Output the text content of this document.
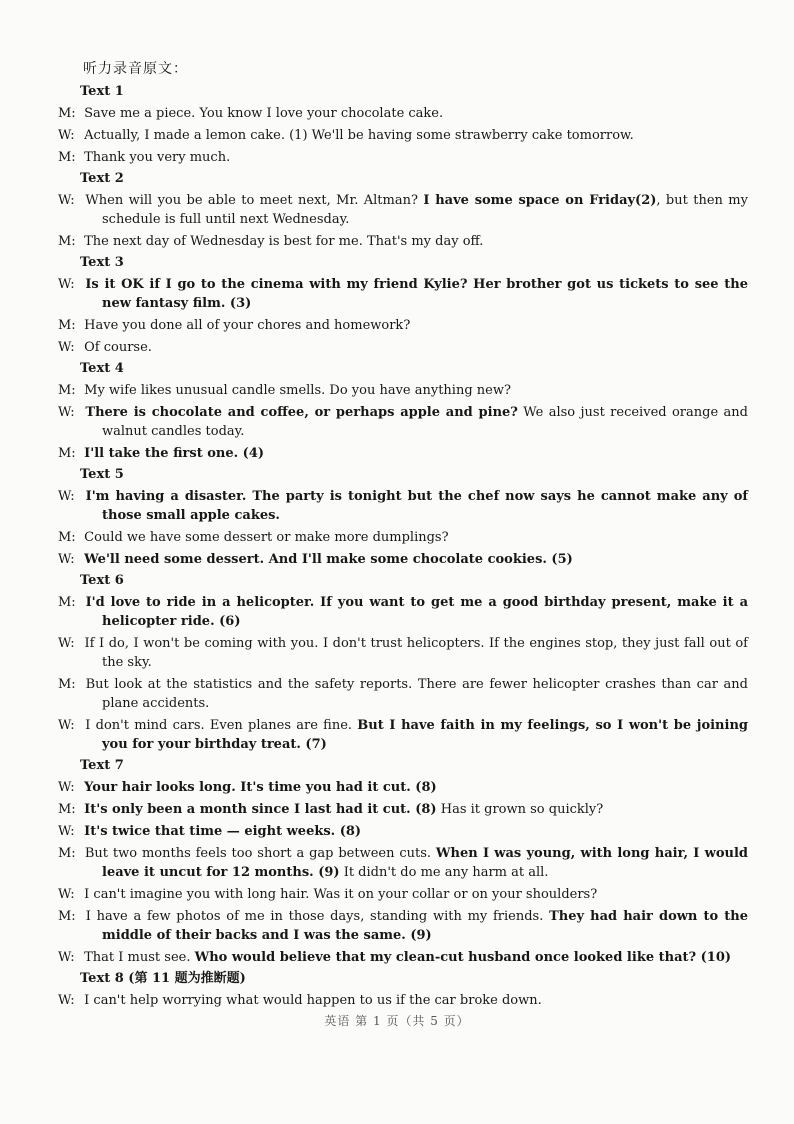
听力录音原文：
Text 1
M: Save me a piece. You know I love your chocolate cake.
W: Actually, I made a lemon cake. (1) We'll be having some strawberry cake tomorrow.
M: Thank you very much.
Text 2
W: When will you be able to meet next, Mr. Altman? I have some space on Friday(2), but then my schedule is full until next Wednesday.
M: The next day of Wednesday is best for me. That's my day off.
Text 3
W: Is it OK if I go to the cinema with my friend Kylie? Her brother got us tickets to see the new fantasy film. (3)
M: Have you done all of your chores and homework?
W: Of course.
Text 4
M: My wife likes unusual candle smells. Do you have anything new?
W: There is chocolate and coffee, or perhaps apple and pine? We also just received orange and walnut candles today.
M: I'll take the first one. (4)
Text 5
W: I'm having a disaster. The party is tonight but the chef now says he cannot make any of those small apple cakes.
M: Could we have some dessert or make more dumplings?
W: We'll need some dessert. And I'll make some chocolate cookies. (5)
Text 6
M: I'd love to ride in a helicopter. If you want to get me a good birthday present, make it a helicopter ride. (6)
W: If I do, I won't be coming with you. I don't trust helicopters. If the engines stop, they just fall out of the sky.
M: But look at the statistics and the safety reports. There are fewer helicopter crashes than car and plane accidents.
W: I don't mind cars. Even planes are fine. But I have faith in my feelings, so I won't be joining you for your birthday treat. (7)
Text 7
W: Your hair looks long. It's time you had it cut. (8)
M: It's only been a month since I last had it cut. (8) Has it grown so quickly?
W: It's twice that time — eight weeks. (8)
M: But two months feels too short a gap between cuts. When I was young, with long hair, I would leave it uncut for 12 months. (9) It didn't do me any harm at all.
W: I can't imagine you with long hair. Was it on your collar or on your shoulders?
M: I have a few photos of me in those days, standing with my friends. They had hair down to the middle of their backs and I was the same. (9)
W: That I must see. Who would believe that my clean-cut husband once looked like that? (10)
Text 8 (第 11 题为推断题)
W: I can't help worrying what would happen to us if the car broke down.
英语 第 1 页（共 5 页）
